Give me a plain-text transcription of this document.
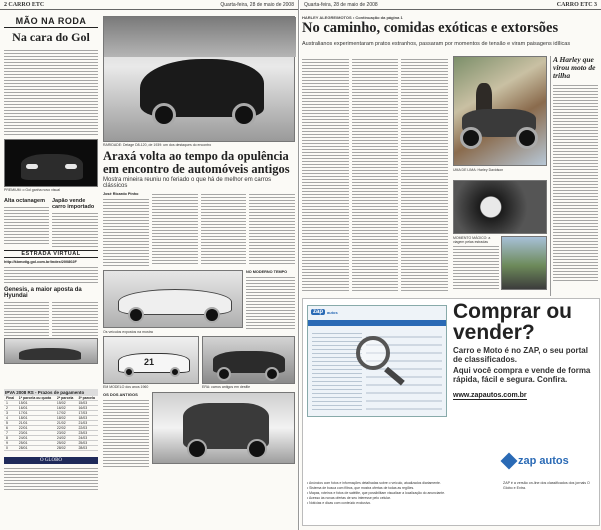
2 CARRO ETC	Quarta-feira, 28 de maio de 2008
MÃO NA RODA
Na cara do Gol
PREMIUM: o Gol ganha novo visual
Alta octanagem	Japão vende carro importado
ESTRADA VIRTUAL
http://kbmotig.gol.com.br/index/200802F
Genesis, a maior aposta da Hyundai
IPVA 2008 RS - Prazos de pagamento
Final	1ª parcela ou quota	2ª parcela	3ª parcela
1	15/01	15/02	15/03
2	16/01	16/02	16/03
3	17/01	17/02	17/03
4	18/01	18/02	18/03
5	21/01	21/02	21/03
6	22/01	22/02	22/03
7	23/01	23/02	23/03
8	24/01	24/02	24/03
9	25/01	25/02	25/03
0	28/01	28/02	28/03
O GLOBO
RARIDADE: Delage D8-120, de 1939: um dos destaques do encontro
Araxá volta ao tempo da opulência em encontro de automóveis antigos
Mostra mineira reuniu no feriado o que há de melhor em carros clássicos
José Ricardo Pinho
NO MODERNO TEMPO
Os veículos expostos na mostra
21
EM MODELO dos anos 1960	ERA: carros antigos em desfile
OS DOS ANTIGOS
Quarta-feira, 28 de maio de 2008	CARRO ETC 3
HARLEY ALEGRE/MOTOS • Continuação da página 1
No caminho, comidas exóticas e extorsões
Australianos experimentaram pratos estranhos, passaram por momentos de tensão e viram paisagens idílicas
UMA DE LIMA: Harley Davidson
MOMENTO MÁGICO: a viagem pelas estradas
A Harley que virou moto de trilha
zap	autos	Comprar ou
vender?
Carro e Moto é no ZAP, o seu portal de classificados.
Aqui você compra e vende de forma rápida, fácil e segura. Confira.
www.zapautos.com.br
zap autos
• Anúncios com fotos e informações detalhadas sobre o veículo, atualizados diariamente.
• Sistema de busca com filtros, que mostra ofertas de todas as regiões.
• Mapas, roteiros e fotos de satélite, que possibilitam visualizar a localização do anunciante.
• Acesso às novas ofertas de seu interesse pelo celular.
• Notícias e dicas com conteúdo exclusivo.
ZAP é a versão on-line dos classificados dos jornais O Globo e Extra.
